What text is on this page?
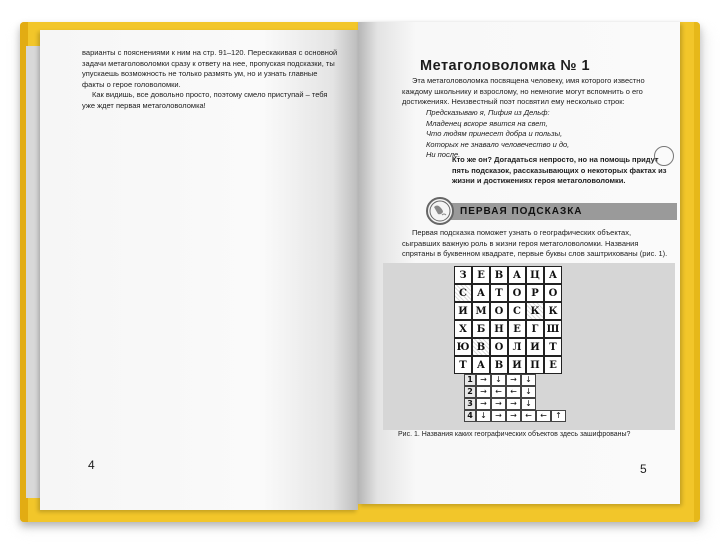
варианты с пояснениями к ним на стр. 91–120. Перескакивая с основной задачи метаголоволомки сразу к ответу на нее, пропуская подсказки, ты упускаешь возможность не только размять ум, но и узнать главные факты о герое головоломки.
Как видишь, все довольно просто, поэтому смело приступай – тебя уже ждет первая метаголоволомка!
4
Метаголоволомка № 1
Эта метаголоволомка посвящена человеку, имя которого известно каждому школьнику и взрослому, но немногие могут вспомнить о его достижениях. Неизвестный поэт посвятил ему несколько строк:
Предсказываю я, Пифия из Дельф:
Младенец вскоре явится на свет,
Что людям принесет добра и пользы,
Которых не знавало человечество и до,
Ни после.
Кто же он? Догадаться непросто, но на помощь придут пять подсказок, рассказывающих о некоторых фактах из жизни и достижениях героя метаголоволомки.
ПЕРВАЯ ПОДСКАЗКА
Первая подсказка поможет узнать о географических объектах, сыгравших важную роль в жизни героя метаголоволомки. Названия спрятаны в буквенном квадрате, первые буквы слов заштрихованы (рис. 1).
З	Е В А Ц А
С А	Т О Р О
И М О С К К
Х Б Н Е	Г Ш
Ю В О Л И Т
Т	А В И П Е
1 →	↓	→	↓
2 →	←	←	↓
3 →	→	→	↓
4 ↓	→	→	←	←	↑
Рис. 1. Названия каких географических объектов здесь зашифрованы?
5
